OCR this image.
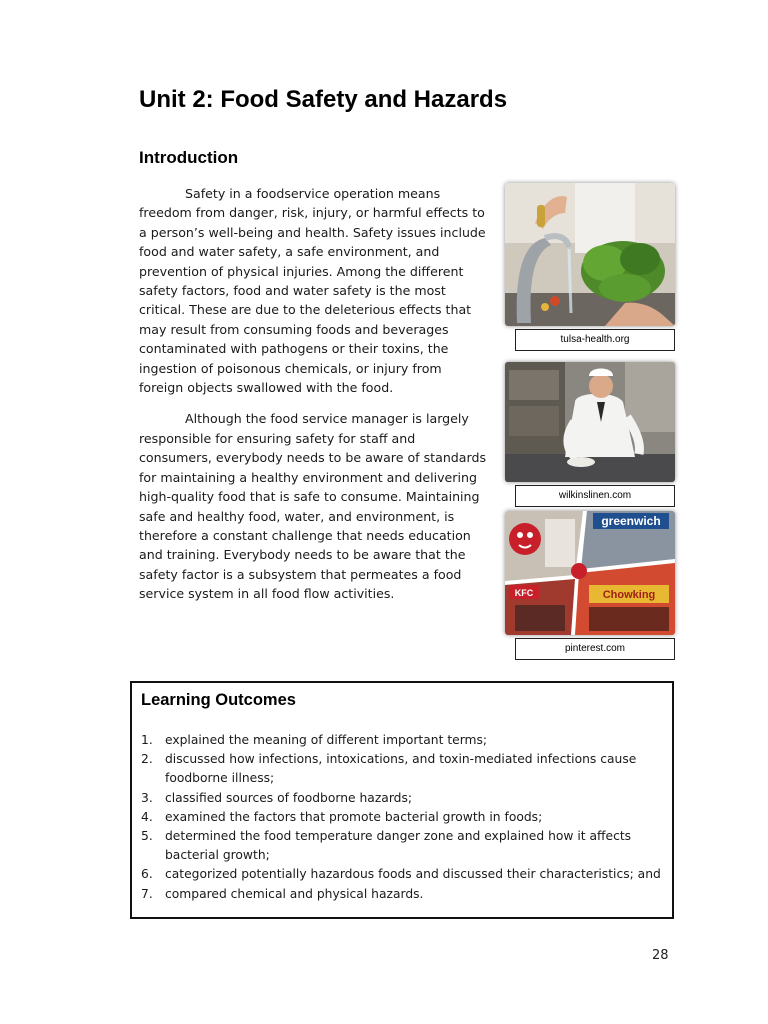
Unit 2: Food Safety and Hazards
Introduction

Safety in a foodservice operation means freedom from danger, risk, injury, or harmful effects to a person’s well-being and health. Safety issues include food and water safety, a safe environment, and prevention of physical injuries. Among the different safety factors, food and water safety is the most critical. These are due to the deleterious effects that may result from consuming foods and beverages contaminated with pathogens or their toxins, the ingestion of poisonous chemicals, or injury from foreign objects swallowed with the food.

Although the food service manager is largely responsible for ensuring safety for staff and consumers, everybody needs to be aware of standards for maintaining a healthy environment and delivering high-quality food that is safe to consume. Maintaining safe and healthy food, water, and environment, is therefore a constant challenge that needs education and training. Everybody needs to be aware that the safety factor is a subsystem that permeates a food service system in all food flow activities.

tulsa-health.org
wilkinslinen.com
greenwich
KFC	Chowking
pinterest.com
Learning Outcomes
1. explained the meaning of different important terms;
2. discussed how infections, intoxications, and toxin-mediated infections cause foodborne illness;
3. classified sources of foodborne hazards;
4. examined the factors that promote bacterial growth in foods;
5. determined the food temperature danger zone and explained how it affects bacterial growth;
6. categorized potentially hazardous foods and discussed their characteristics; and
7. compared chemical and physical hazards.
28
